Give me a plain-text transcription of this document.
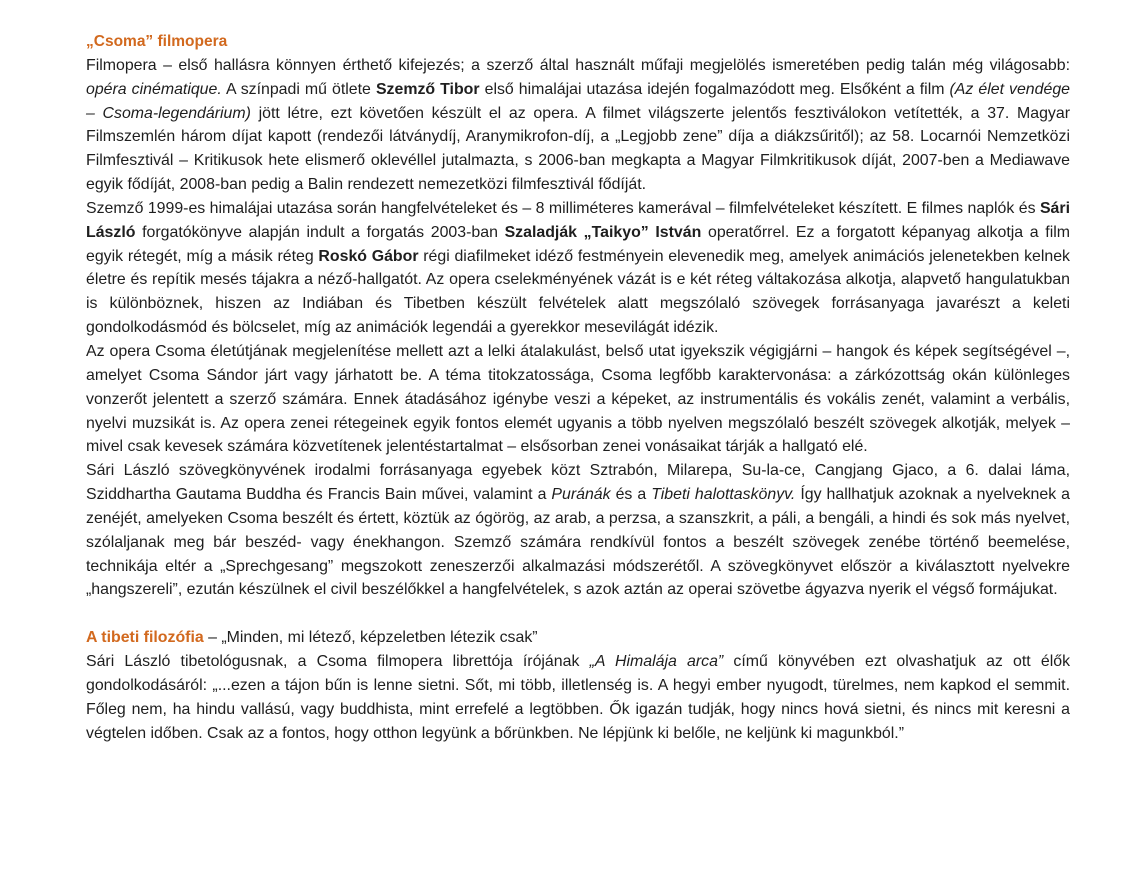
„Csoma” filmopera

Filmopera – első hallásra könnyen érthető kifejezés; a szerző által használt műfaji megjelölés ismeretében pedig talán még világosabb: opéra cinématique. A színpadi mű ötlete Szemző Tibor első himalájai utazása idején fogalmazódott meg. Elsőként a film (Az élet vendége – Csoma-legendárium) jött létre, ezt követően készült el az opera. A filmet világszerte jelentős fesztiválokon vetítették, a 37. Magyar Filmszemlén három díjat kapott (rendezői látványdíj, Aranymikrofon-díj, a „Legjobb zene” díja a diákzsűritől); az 58. Locarnói Nemzetközi Filmfesztivál – Kritikusok hete elismerő oklevéllel jutalmazta, s 2006-ban megkapta a Magyar Filmkritikusok díját, 2007-ben a Mediawave egyik fődíját, 2008-ban pedig a Balin rendezett nemezetközi filmfesztivál fődíját.

Szemző 1999-es himalájai utazása során hangfelvételeket és – 8 milliméteres kamerával – filmfelvételeket készített. E filmes naplók és Sári László forgatókönyve alapján indult a forgatás 2003-ban Szaladják „Taikyo” István operatőrrel. Ez a forgatott képanyag alkotja a film egyik rétegét, míg a másik réteg Roskó Gábor régi diafilmeket idéző festményein elevenedik meg, amelyek animációs jelenetekben kelnek életre és repítik mesés tájakra a néző-hallgatót. Az opera cselekményének vázát is e két réteg váltakozása alkotja, alapvető hangulatukban is különböznek, hiszen az Indiában és Tibetben készült felvételek alatt megszólaló szövegek forrásanyaga javarészt a keleti gondolkodásmód és bölcselet, míg az animációk legendái a gyerekkor mesevilágát idézik.

Az opera Csoma életútjának megjelenítése mellett azt a lelki átalakulást, belső utat igyekszik végigjárni – hangok és képek segítségével –, amelyet Csoma Sándor járt vagy járhatott be. A téma titokzatossága, Csoma legfőbb karaktervonása: a zárkózottság okán különleges vonzerőt jelentett a szerző számára. Ennek átadásához igénybe veszi a képeket, az instrumentális és vokális zenét, valamint a verbális, nyelvi muzsikát is. Az opera zenei rétegeinek egyik fontos elemét ugyanis a több nyelven megszólaló beszélt szövegek alkotják, melyek – mivel csak kevesek számára közvetítenek jelentéstartalmat – elsősorban zenei vonásaikat tárják a hallgató elé.

Sári László szövegkönyvének irodalmi forrásanyaga egyebek közt Sztrabón, Milarepa, Su-la-ce, Cangjang Gjaco, a 6. dalai láma, Sziddhartha Gautama Buddha és Francis Bain művei, valamint a Puránák és a Tibeti halottaskönyv. Így hallhatjuk azoknak a nyelveknek a zenéjét, amelyeken Csoma beszélt és értett, köztük az ógörög, az arab, a perzsa, a szanszkrit, a páli, a bengáli, a hindi és sok más nyelvet, szólaljanak meg bár beszéd- vagy énekhangon. Szemző számára rendkívül fontos a beszélt szövegek zenébe történő beemelése, technikája eltér a „Sprechgesang” megszokott zeneszerzői alkalmazási módszerétől. A szövegkönyvet először a kiválasztott nyelvekre „hangszereli”, ezután készülnek el civil beszélőkkel a hangfelvételek, s azok aztán az operai szövetbe ágyazva nyerik el végső formájukat.

A tibeti filozófia – „Minden, mi létező, képzeletben létezik csak”

Sári László tibetológusnak, a Csoma filmopera librettója írójának „A Himalája arca” című könyvében ezt olvashatjuk az ott élők gondolkodásáról: „...ezen a tájon bűn is lenne sietni. Sőt, mi több, illetlenség is. A hegyi ember nyugodt, türelmes, nem kapkod el semmit. Főleg nem, ha hindu vallású, vagy buddhista, mint errefelé a legtöbben. Ők igazán tudják, hogy nincs hová sietni, és nincs mit keresni a végtelen időben. Csak az a fontos, hogy otthon legyünk a bőrünkben. Ne lépjünk ki belőle, ne keljünk ki magunkból.”
